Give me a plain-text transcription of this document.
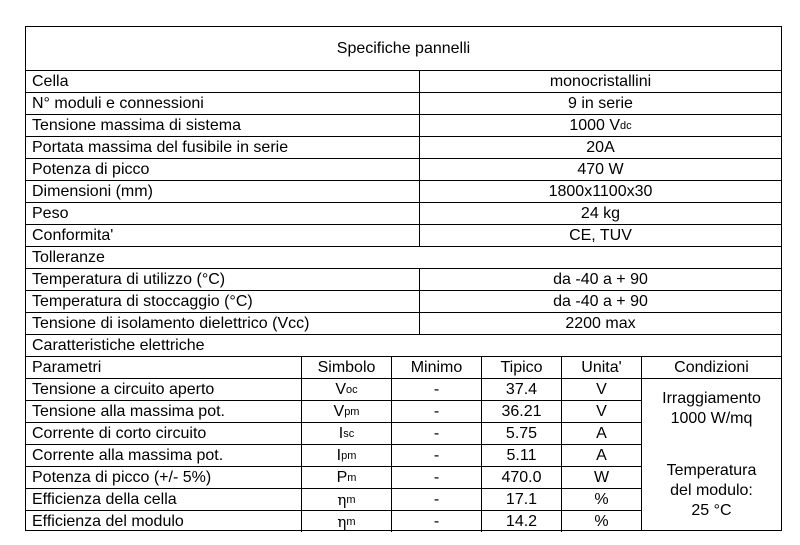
Specifiche pannelli
Cella	monocristallini
N° moduli e connessioni	9 in serie
Tensione massima di sistema	1000 V dc
Portata massima del fusibile in serie	20A
Potenza di picco	470 W
Dimensioni (mm)	1800x1100x30
Peso	24 kg
Conformita'	CE, TUV
Tolleranze
Temperatura di utilizzo (°C)	da -40 a + 90
Temperatura di stoccaggio (°C)	da -40 a + 90
Tensione di isolamento dielettrico (Vcc)	2200 max
Caratteristiche elettriche
Parametri	Simbolo	Minimo	Tipico	Unita'	Condizioni
Tensione a circuito aperto	V oc	-	37.4	V
Tensione alla massima pot.	V pm	-	36.21	V
Corrente di corto circuito	I sc	-	5.75	A
Corrente alla massima pot.	I pm	-	5.11	A
Potenza di picco (+/- 5%)	P m	-	470.0	W
Efficienza della cella	η m	-	17.1	%
Efficienza del modulo	η m	-	14.2	%
Irraggiamento
1000 W/mq
Temperatura
del modulo:
25 °C
